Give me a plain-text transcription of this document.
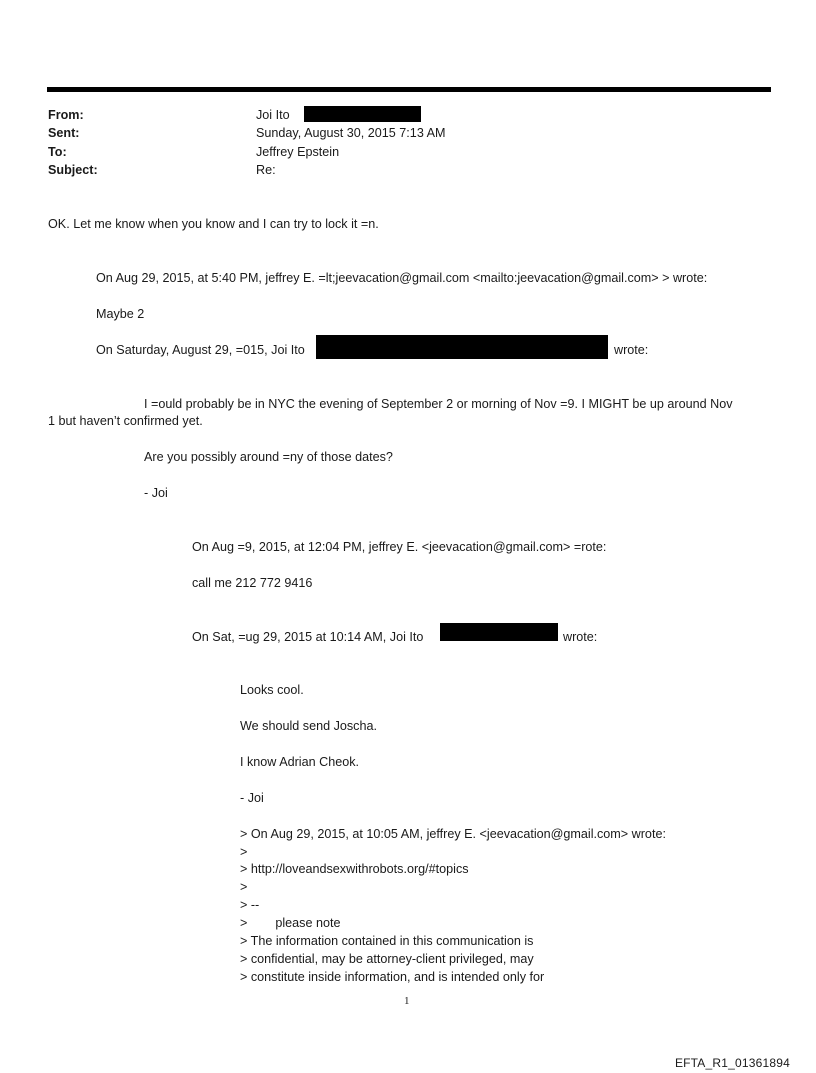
From:	Joi Ito
Sent:	Sunday, August 30, 2015 7:13 AM
To:	Jeffrey Epstein
Subject:	Re:
OK. Let me know when you know and I can try to lock it =n.
On Aug 29, 2015, at 5:40 PM, jeffrey E. =lt;jeevacation@gmail.com <mailto:jeevacation@gmail.com> > wrote:
Maybe 2
On Saturday, August 29, =015, Joi Ito	wrote:
I =ould probably be in NYC the evening of September 2 or morning of Nov =9. I MIGHT be up around Nov
1 but haven’t confirmed yet.
Are you possibly around =ny of those dates?
- Joi
On Aug =9, 2015, at 12:04 PM, jeffrey E. <jeevacation@gmail.com> =rote:
call me 212 772 9416
On Sat, =ug 29, 2015 at 10:14 AM, Joi Ito	wrote:
Looks cool.
We should send Joscha.
I know Adrian Cheok.
- Joi
> On Aug 29, 2015, at 10:05 AM, jeffrey E. <jeevacation@gmail.com> wrote:
>
> http://loveandsexwithrobots.org/#topics
>
> --
>        please note
> The information contained in this communication is
> confidential, may be attorney-client privileged, may
> constitute inside information, and is intended only for
1
EFTA_R1_01361894
